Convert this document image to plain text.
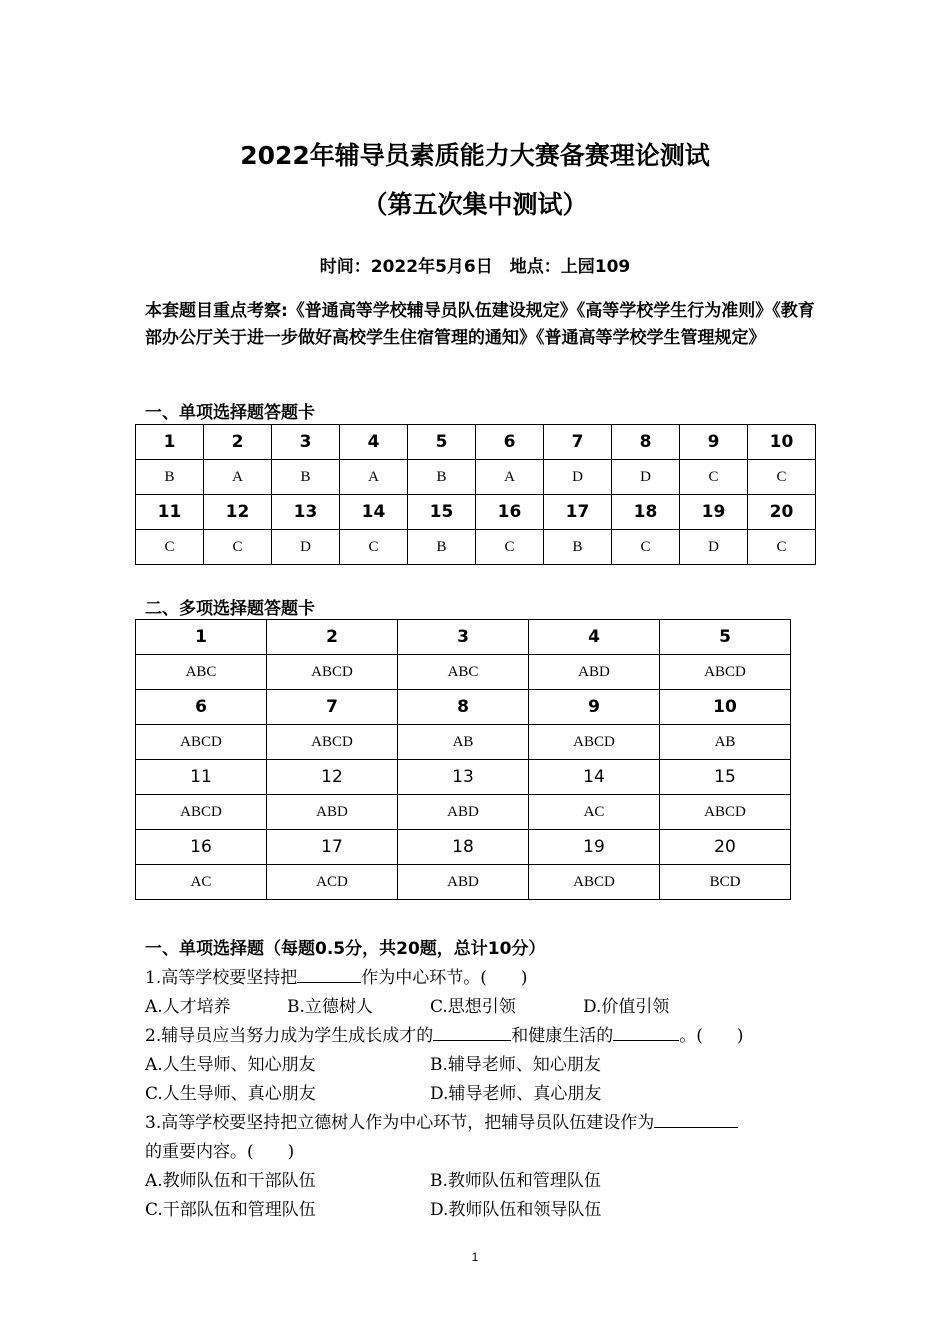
2022年辅导员素质能力大赛备赛理论测试
（第五次集中测试）
时间：2022年5月6日　地点：上园109
本套题目重点考察:《普通高等学校辅导员队伍建设规定》《高等学校学生行为准则》《教育部办公厅关于进一步做好高校学生住宿管理的通知》《普通高等学校学生管理规定》
一、单项选择题答题卡
1	2	3	4	5	6	7	8	9	10
B	A	B	A	B	A	D	D	C	C
11	12	13	14	15	16	17	18	19	20
C	C	D	C	B	C	B	C	D	C
二、多项选择题答题卡
1	2	3	4	5
ABC	ABCD	ABC	ABD	ABCD
6	7	8	9	10
ABCD	ABCD	AB	ABCD	AB
11	12	13	14	15
ABCD	ABD	ABD	AC	ABCD
16	17	18	19	20
AC	ACD	ABD	ABCD	BCD
一、单项选择题（每题0.5分，共20题，总计10分）
1.高等学校要坚持把	作为中心环节。(　　)
A.人才培养	B.立德树人	C.思想引领	D.价值引领
2.辅导员应当努力成为学生成长成才的	和健康生活的	。(　　)
A.人生导师、知心朋友	B.辅导老师、知心朋友
C.人生导师、真心朋友	D.辅导老师、真心朋友
3.高等学校要坚持把立德树人作为中心环节，把辅导员队伍建设作为
的重要内容。(　　)
A.教师队伍和干部队伍	B.教师队伍和管理队伍
C.干部队伍和管理队伍	D.教师队伍和领导队伍
1
